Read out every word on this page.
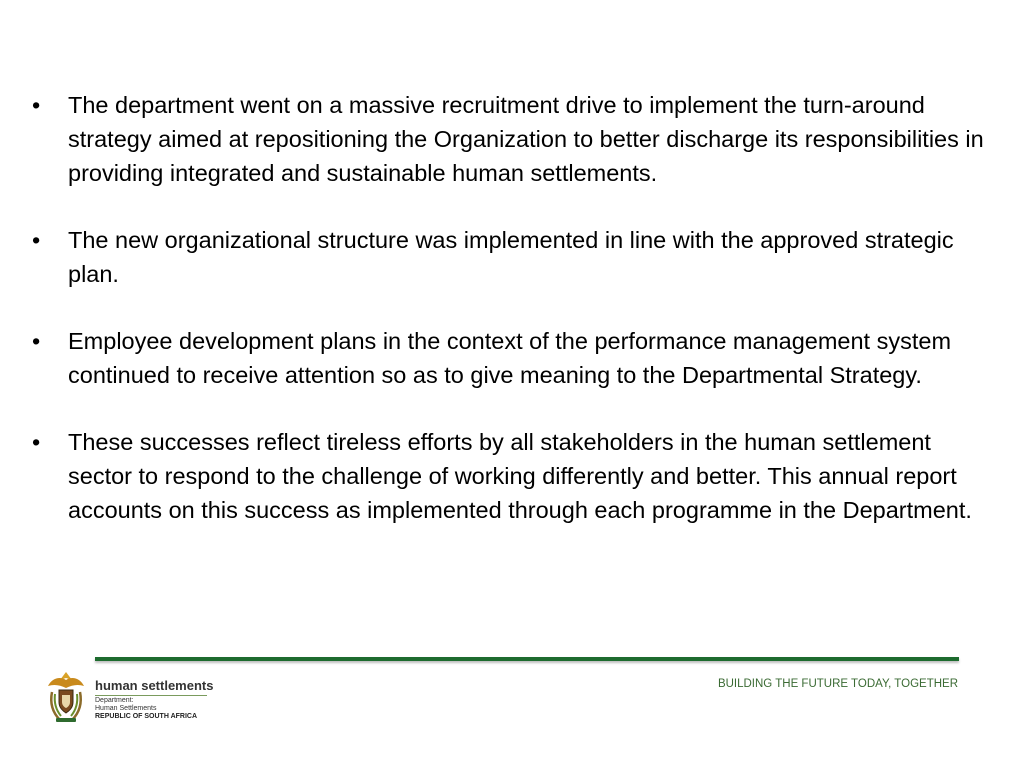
•	The department went on a massive recruitment drive to implement the turn-around strategy aimed at repositioning the Organization to better discharge its responsibilities in providing integrated and sustainable human settlements.
•	The new organizational structure was implemented in line with the approved strategic plan.
•	Employee development plans in the context of the performance management system continued to receive attention so as to give meaning to the Departmental Strategy.
•	These successes reflect tireless efforts by all stakeholders in the human settlement sector to respond to the challenge of working differently and better. This annual report accounts on this success as implemented through each programme in the Department.
human settlements
Department:
Human Settlements
REPUBLIC OF SOUTH AFRICA
BUILDING THE FUTURE TODAY, TOGETHER
